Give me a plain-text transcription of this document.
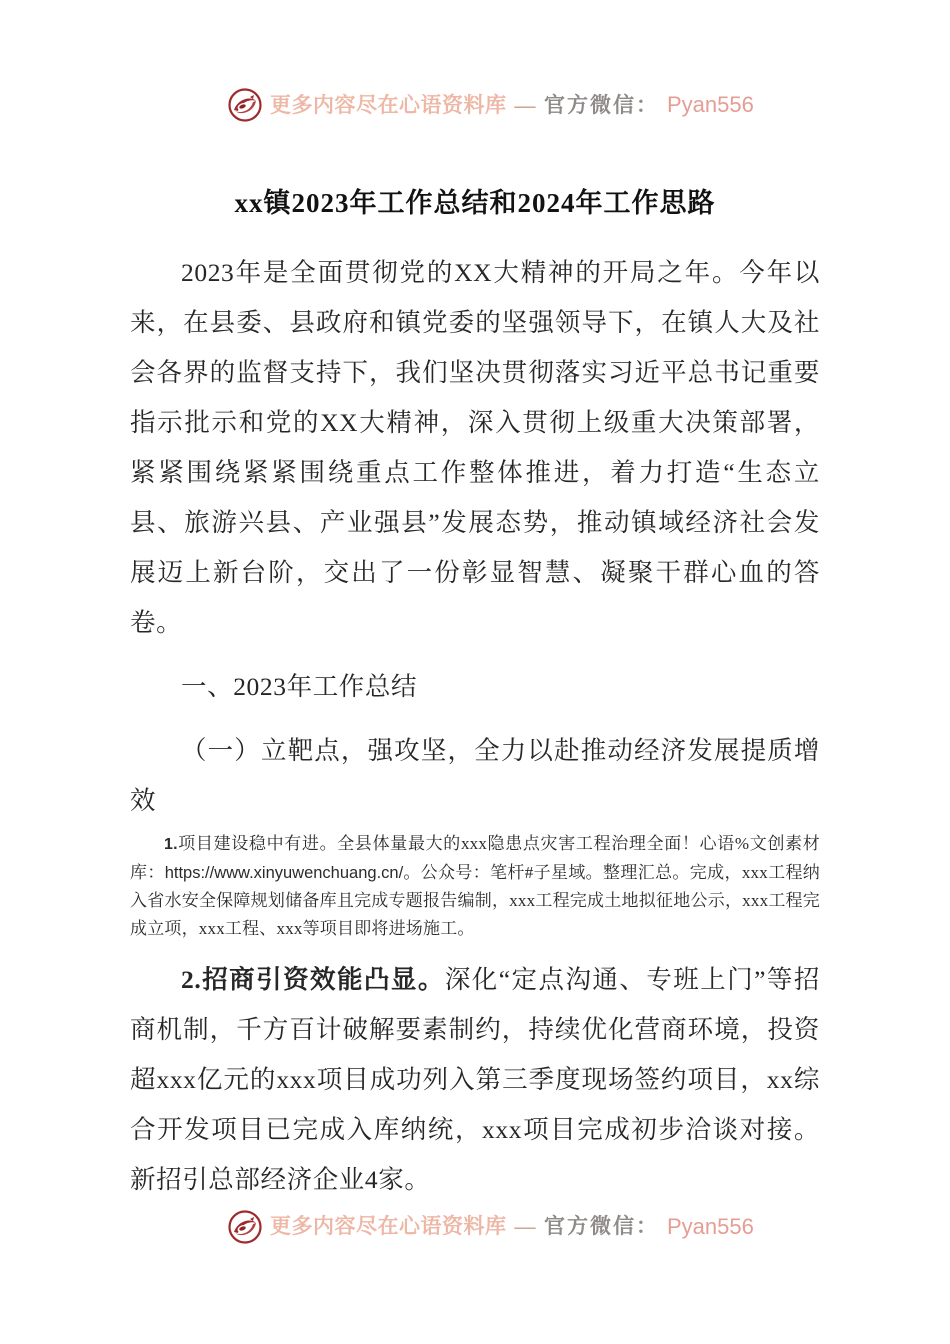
更多内容尽在心语资料库 — 官方微信： Pyan556
xx镇2023年工作总结和2024年工作思路

2023年是全面贯彻党的XX大精神的开局之年。今年以来，在县委、县政府和镇党委的坚强领导下，在镇人大及社会各界的监督支持下，我们坚决贯彻落实习近平总书记重要指示批示和党的XX大精神，深入贯彻上级重大决策部署，紧紧围绕紧紧围绕重点工作整体推进，着力打造“生态立县、旅游兴县、产业强县”发展态势，推动镇域经济社会发展迈上新台阶，交出了一份彰显智慧、凝聚干群心血的答卷。

一、2023年工作总结

（一）立靶点，强攻坚，全力以赴推动经济发展提质增效

1.项目建设稳中有进。全县体量最大的xxx隐患点灾害工程治理全面！心语%文创素材库：https://www.xinyuwenchuang.cn/。公众号：笔杆#子星域。整理汇总。完成，xxx工程纳入省水安全保障规划储备库且完成专题报告编制，xxx工程完成土地拟征地公示，xxx工程完成立项，xxx工程、xxx等项目即将进场施工。

2.招商引资效能凸显。深化“定点沟通、专班上门”等招商机制，千方百计破解要素制约，持续优化营商环境，投资超xxx亿元的xxx项目成功列入第三季度现场签约项目，xx综合开发项目已完成入库纳统，xxx项目完成初步洽谈对接。新招引总部经济企业4家。

更多内容尽在心语资料库 — 官方微信： Pyan556
